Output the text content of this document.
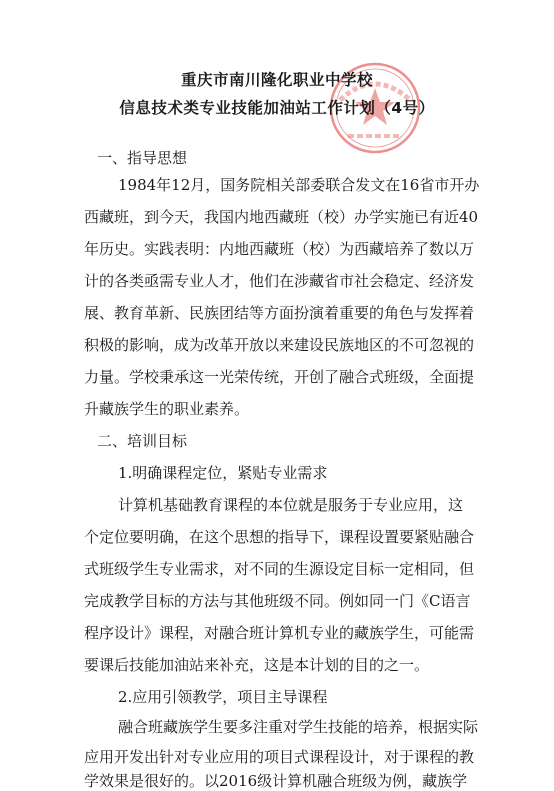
重庆市南川隆化职业中学校
信息技术类专业技能加油站工作计划（4号）
一、指导思想
1984年12月，国务院相关部委联合发文在16省市开办
西藏班，到今天，我国内地西藏班（校）办学实施已有近40
年历史。实践表明：内地西藏班（校）为西藏培养了数以万
计的各类亟需专业人才，他们在涉藏省市社会稳定、经济发
展、教育革新、民族团结等方面扮演着重要的角色与发挥着
积极的影响，成为改革开放以来建设民族地区的不可忽视的
力量。学校秉承这一光荣传统，开创了融合式班级，全面提
升藏族学生的职业素养。
二、培训目标
1.明确课程定位，紧贴专业需求
计算机基础教育课程的本位就是服务于专业应用，这
个定位要明确，在这个思想的指导下，课程设置要紧贴融合
式班级学生专业需求，对不同的生源设定目标一定相同，但
完成教学目标的方法与其他班级不同。例如同一门《C语言
程序设计》课程，对融合班计算机专业的藏族学生，可能需
要课后技能加油站来补充，这是本计划的目的之一。
2.应用引领教学，项目主导课程
融合班藏族学生要多注重对学生技能的培养，根据实际
应用开发出针对专业应用的项目式课程设计，对于课程的教
学效果是很好的。以2016级计算机融合班级为例，藏族学
